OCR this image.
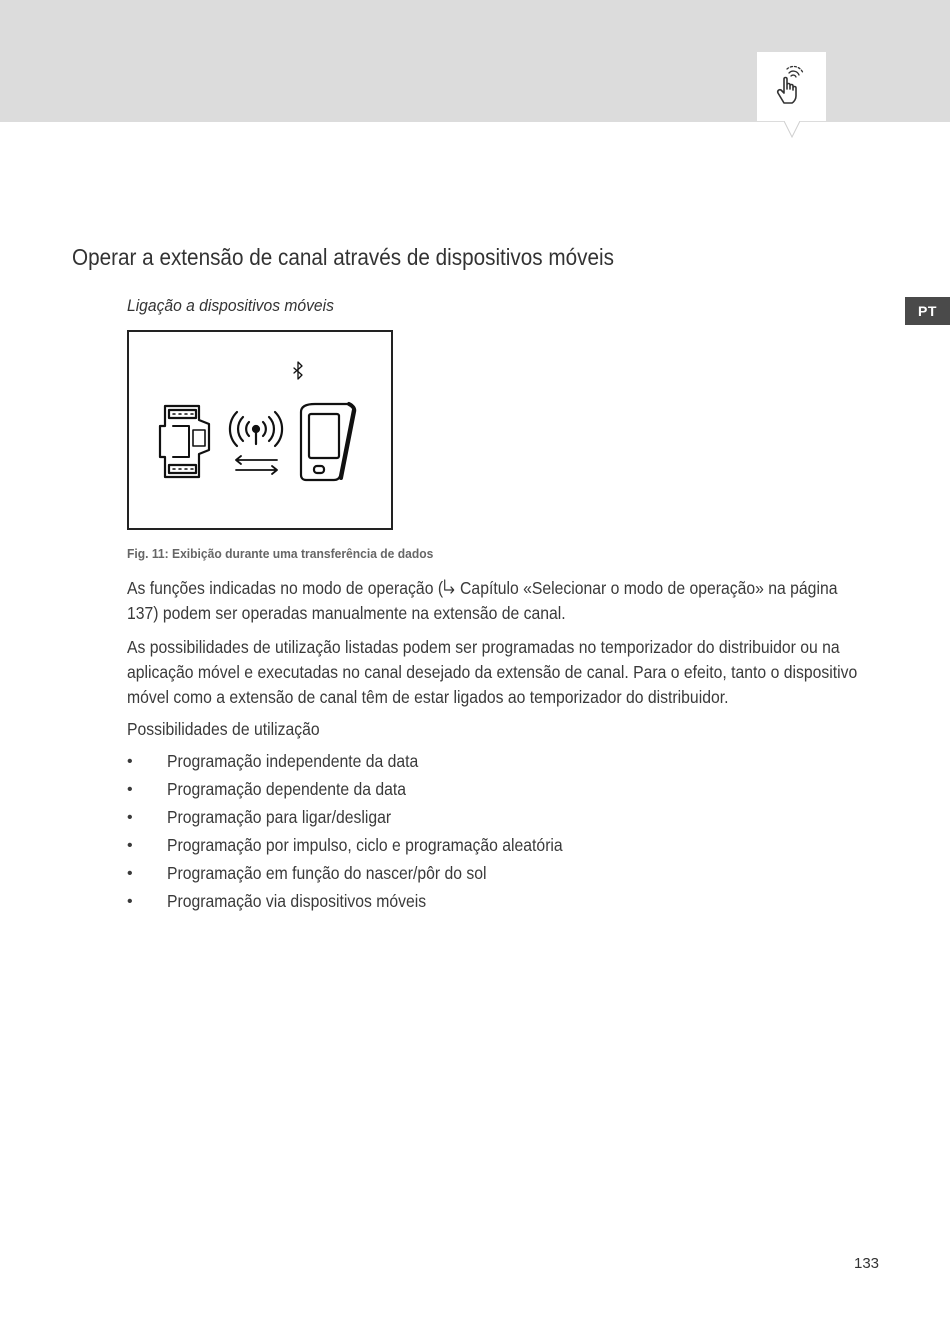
PT
Operar a extensão de canal através de dispositivos móveis
Ligação a dispositivos móveis
Fig. 11: Exibição durante uma transferência de dados

As funções indicadas no modo de operação ( Capítulo «Selecionar o modo de operação» na página 137) podem ser operadas manualmente na extensão de canal.

As possibilidades de utilização listadas podem ser programadas no temporizador do distribuidor ou na aplicação móvel e executadas no canal desejado da extensão de canal. Para o efeito, tanto o dispositivo móvel como a extensão de canal têm de estar ligados ao temporizador do distribuidor.

Possibilidades de utilização

• Programação independente da data
• Programação dependente da data
• Programação para ligar/desligar
• Programação por impulso, ciclo e programação aleatória
• Programação em função do nascer/pôr do sol
• Programação via dispositivos móveis
133
